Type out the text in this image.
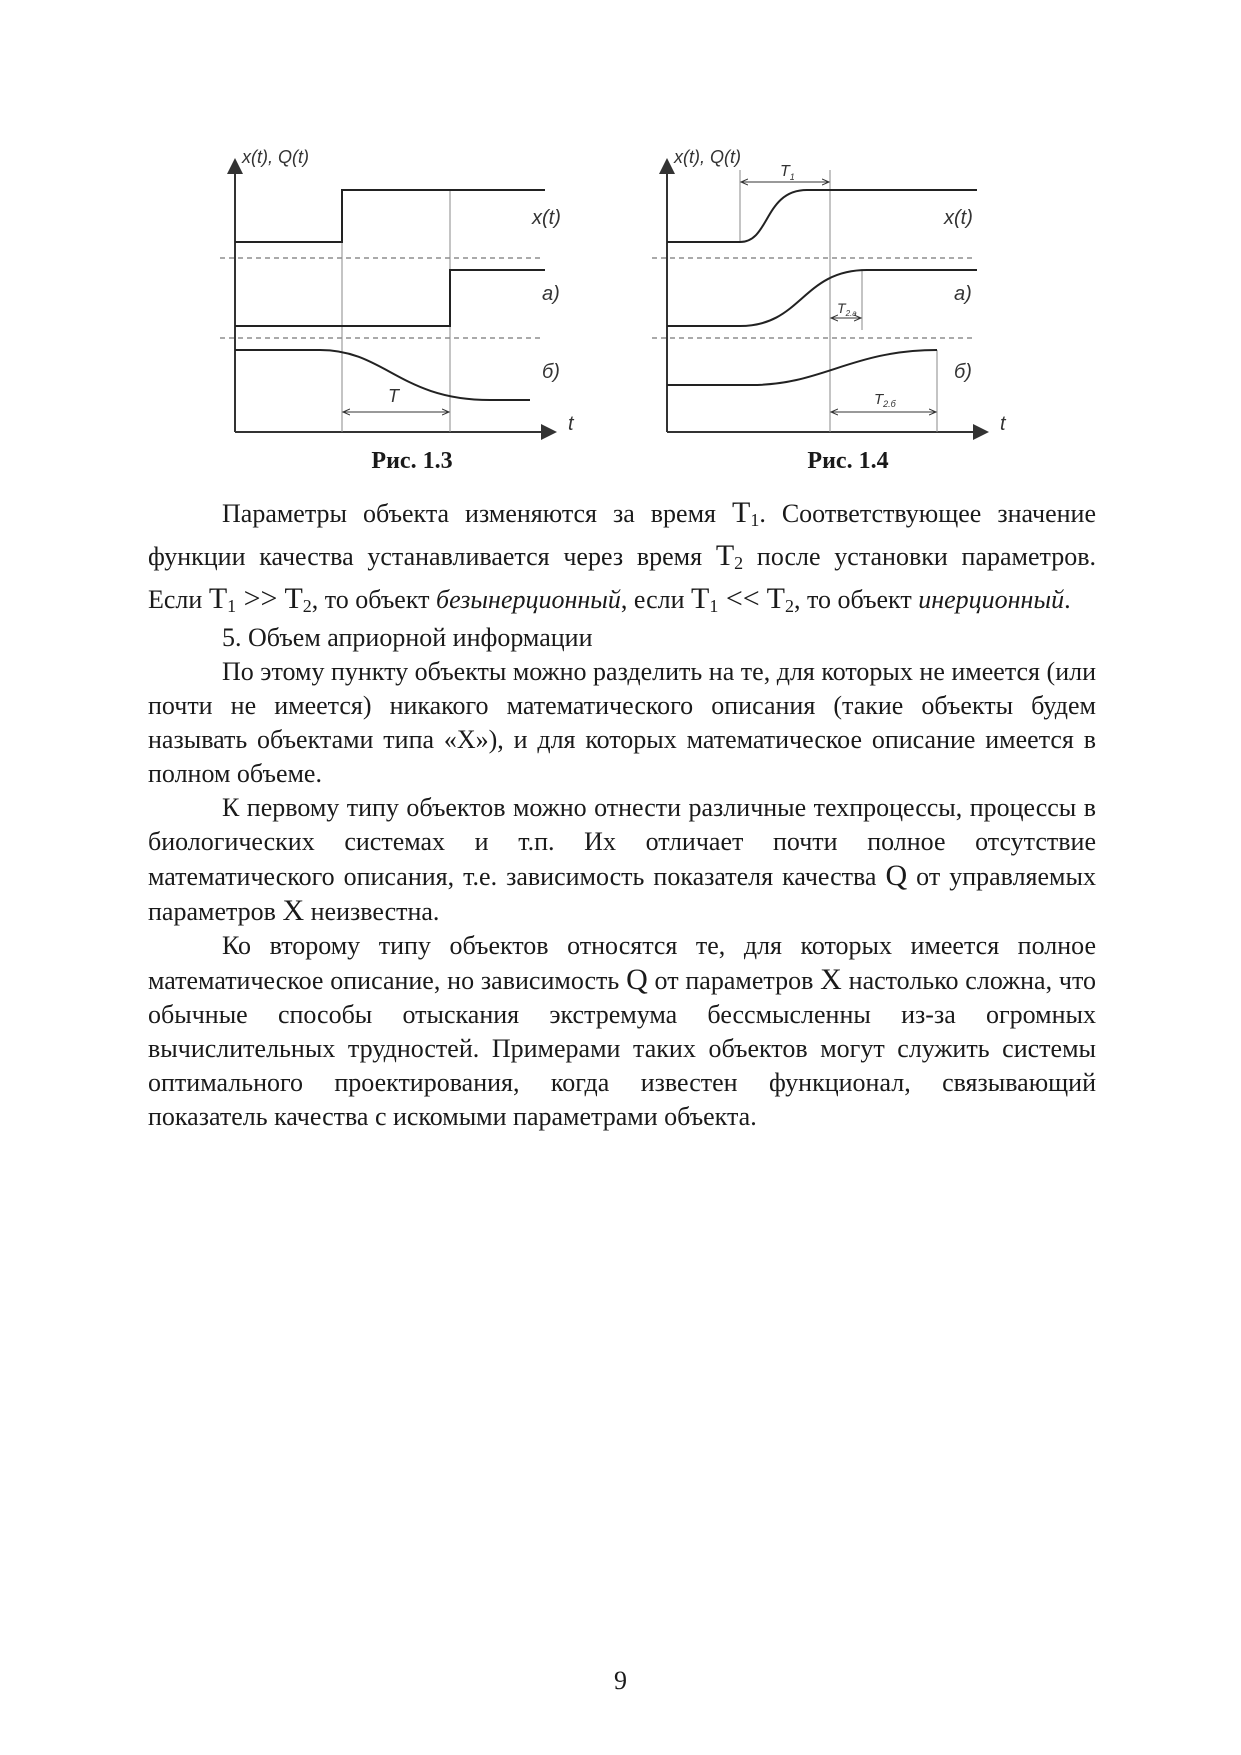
x(t), Q(t)
t
x(t)
а)
б)
T
Рис. 1.3
x(t), Q(t)
t
$T_1$
x(t)
а)
$T_{2.а}$
б)
$T_{2.б}$
Рис. 1.4

Параметры объекта изменяются за время $T_1$. Соответствующее значение функции качества устанавливается через время $T_2$ после установки параметров. Если $T_1 >> T_2$, то объект безынерционный, если $T_1 << T_2$, то объект инерционный.

5. Объем априорной информации

По этому пункту объекты можно разделить на те, для которых не имеется (или почти не имеется) никакого математического описания (такие объекты будем называть объектами типа «X»), и для которых математическое описание имеется в полном объеме.

К первому типу объектов можно отнести различные техпроцессы, процессы в биологических системах и т.п. Их отличает почти полное отсутствие математического описания, т.е. зависимость показателя качества Q от управляемых параметров X неизвестна.

Ко второму типу объектов относятся те, для которых имеется полное математическое описание, но зависимость Q от параметров X настолько сложна, что обычные способы отыскания экстремума бессмысленны из-за огромных вычислительных трудностей. Примерами таких объектов могут служить системы оптимального проектирования, когда известен функционал, связывающий показатель качества с искомыми параметрами объекта.

9
